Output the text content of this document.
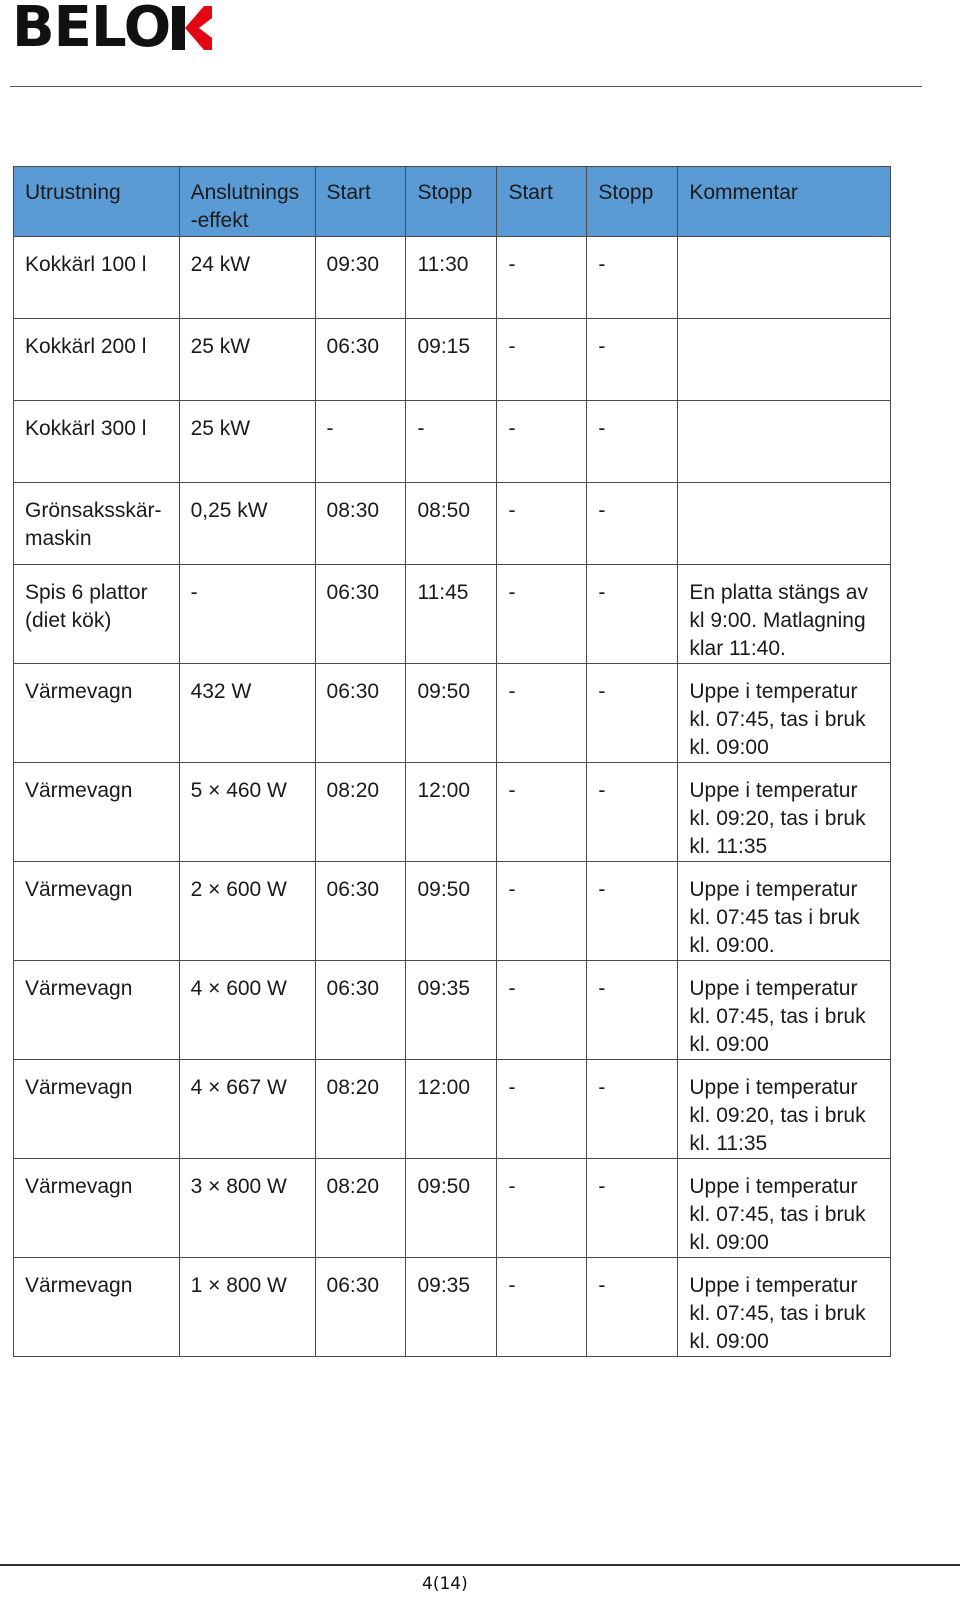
BELO
Utrustning	Anslutnings -effekt	Start	Stopp	Start	Stopp	Kommentar
Kokkärl 100 l	24 kW	09:30	11:30	-	-	
Kokkärl 200 l	25 kW	06:30	09:15	-	-	
Kokkärl 300 l	25 kW	-	-	-	-	
Grönsaksskär- maskin	0,25 kW	08:30	08:50	-	-	
Spis 6 plattor (diet kök)	-	06:30	11:45	-	-	En platta stängs av kl 9:00. Matlagning klar 11:40.
Värmevagn	432 W	06:30	09:50	-	-	Uppe i temperatur kl. 07:45, tas i bruk kl. 09:00
Värmevagn	5 × 460 W	08:20	12:00	-	-	Uppe i temperatur kl. 09:20, tas i bruk kl. 11:35
Värmevagn	2 × 600 W	06:30	09:50	-	-	Uppe i temperatur kl. 07:45 tas i bruk kl. 09:00.
Värmevagn	4 × 600 W	06:30	09:35	-	-	Uppe i temperatur kl. 07:45, tas i bruk kl. 09:00
Värmevagn	4 × 667 W	08:20	12:00	-	-	Uppe i temperatur kl. 09:20, tas i bruk kl. 11:35
Värmevagn	3 × 800 W	08:20	09:50	-	-	Uppe i temperatur kl. 07:45, tas i bruk kl. 09:00
Värmevagn	1 × 800 W	06:30	09:35	-	-	Uppe i temperatur kl. 07:45, tas i bruk kl. 09:00
4(14)
